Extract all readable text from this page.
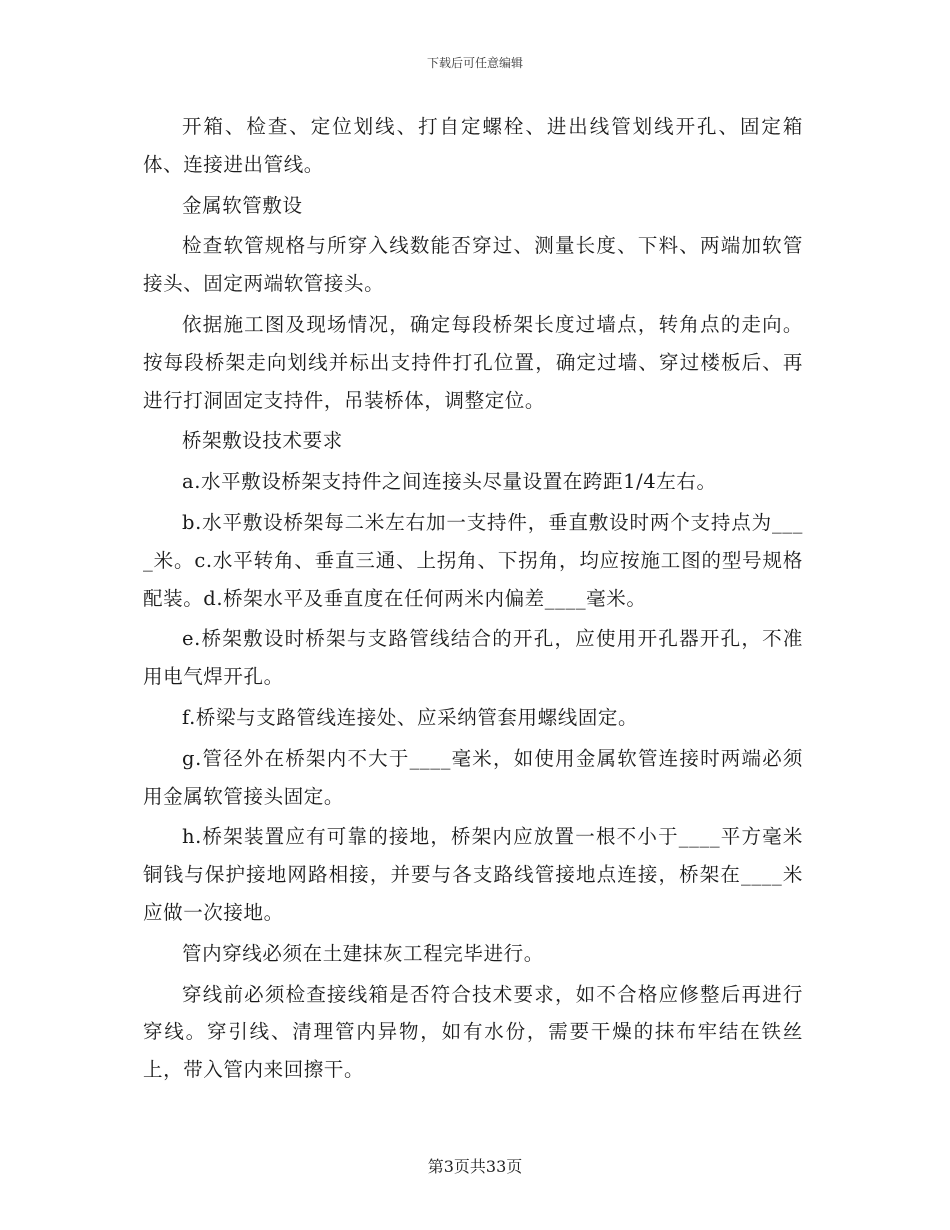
下载后可任意编辑

开箱、检查、定位划线、打自定螺栓、进出线管划线开孔、固定箱体、连接进出管线。

金属软管敷设

检查软管规格与所穿入线数能否穿过、测量长度、下料、两端加软管接头、固定两端软管接头。

依据施工图及现场情况，确定每段桥架长度过墙点，转角点的走向。按每段桥架走向划线并标出支持件打孔位置，确定过墙、穿过楼板后、再进行打洞固定支持件，吊装桥体，调整定位。

桥架敷设技术要求

a.水平敷设桥架支持件之间连接头尽量设置在跨距1/4左右。

b.水平敷设桥架每二米左右加一支持件，垂直敷设时两个支持点为____米。c.水平转角、垂直三通、上拐角、下拐角，均应按施工图的型号规格配装。d.桥架水平及垂直度在任何两米内偏差____毫米。

e.桥架敷设时桥架与支路管线结合的开孔，应使用开孔器开孔，不准用电气焊开孔。

f.桥梁与支路管线连接处、应采纳管套用螺线固定。

g.管径外在桥架内不大于____毫米，如使用金属软管连接时两端必须用金属软管接头固定。

h.桥架装置应有可靠的接地，桥架内应放置一根不小于____平方毫米铜钱与保护接地网路相接，并要与各支路线管接地点连接，桥架在____米应做一次接地。

管内穿线必须在土建抹灰工程完毕进行。

穿线前必须检查接线箱是否符合技术要求，如不合格应修整后再进行穿线。穿引线、清理管内异物，如有水份，需要干燥的抹布牢结在铁丝上，带入管内来回擦干。

第3页共33页
